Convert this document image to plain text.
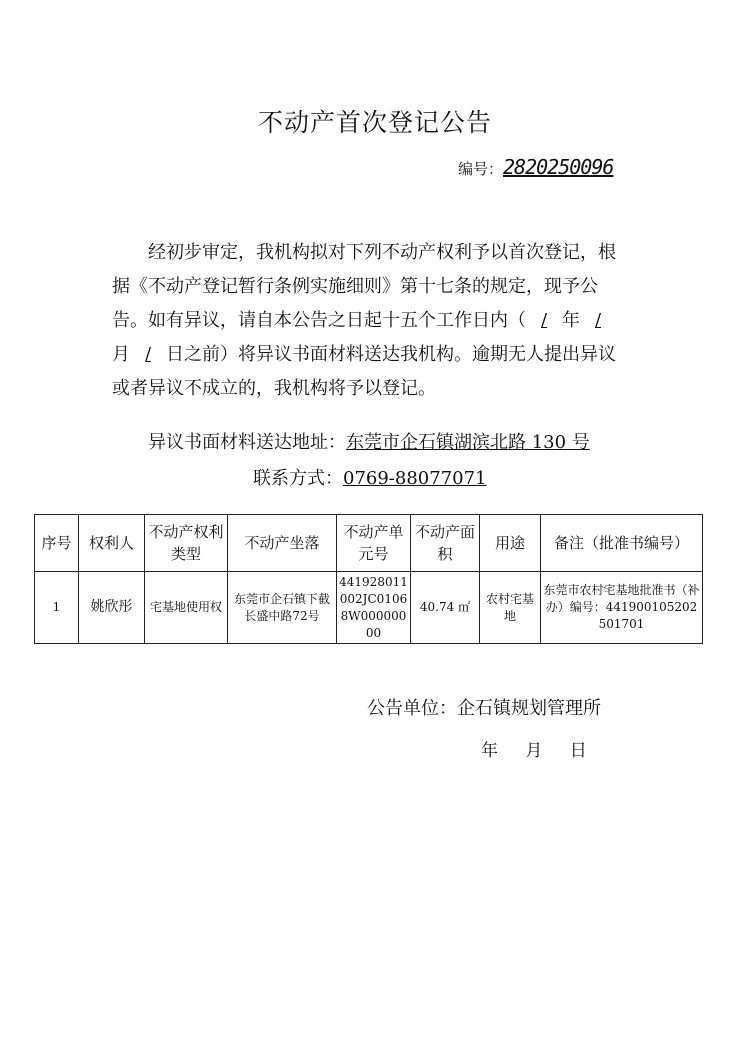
不动产首次登记公告
编号：2820250096

经初步审定，我机构拟对下列不动产权利予以首次登记，根据《不动产登记暂行条例实施细则》第十七条的规定，现予公告。如有异议，请自本公告之日起十五个工作日内（ / 年 /月 / 日之前）将异议书面材料送达我机构。逾期无人提出异议或者异议不成立的，我机构将予以登记。

异议书面材料送达地址：东莞市企石镇湖滨北路 130 号
联系方式：0769-88077071
序号	权利人	不动产权利类型	不动产坐落	不动产单元号	不动产面积	用途	备注（批准书编号）
1	姚欣彤	宅基地使用权	东莞市企石镇下截长盛中路72号	441928011002JC01068W00000000	40.74 ㎡	农村宅基地	东莞市农村宅基地批准书（补办）编号：441900105202501701
公告单位：企石镇规划管理所
年 月 日
